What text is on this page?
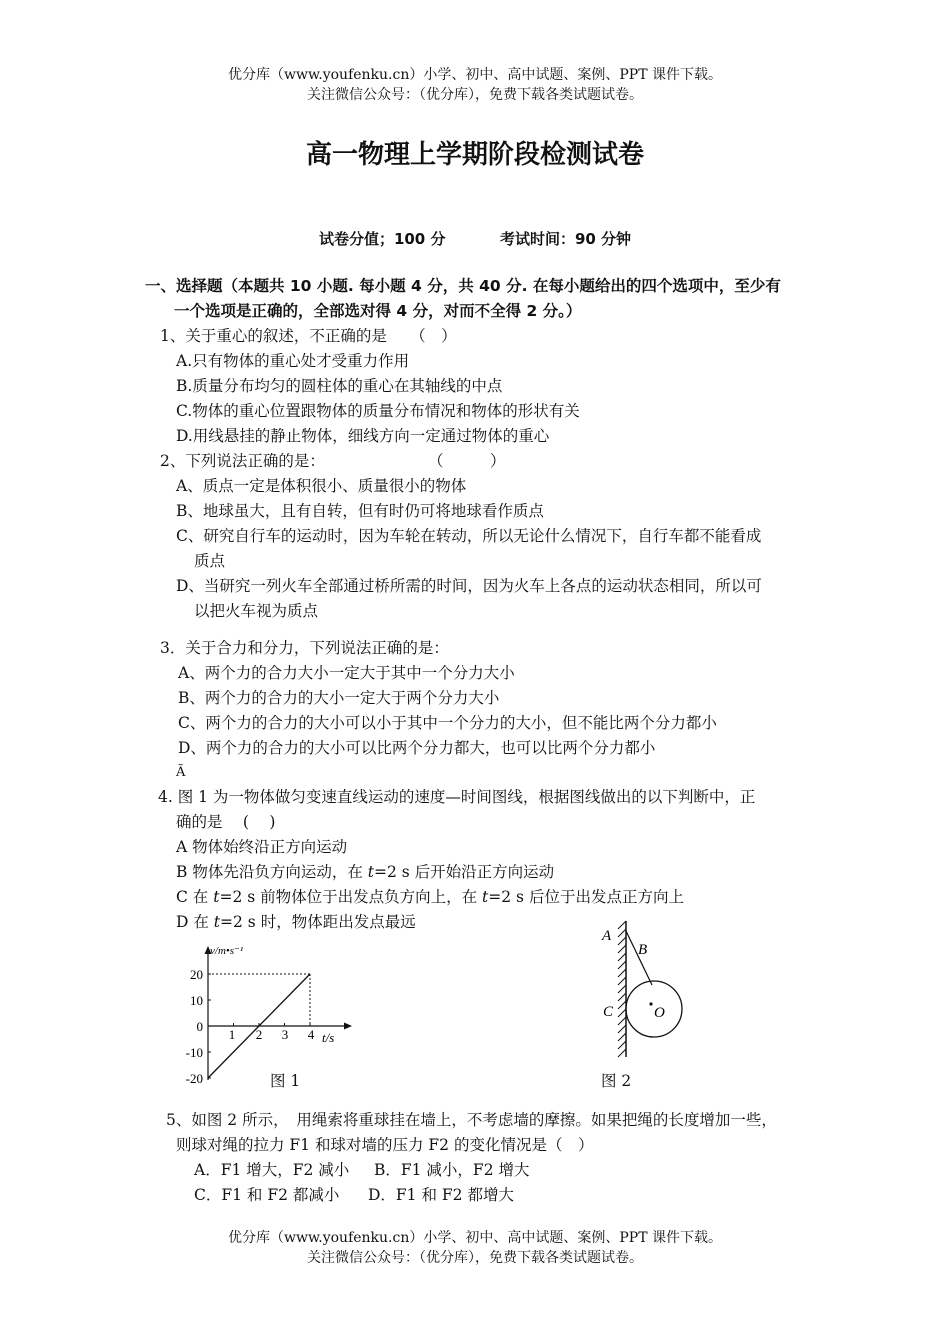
优分库（www.youfenku.cn）小学、初中、高中试题、案例、PPT 课件下载。
关注微信公众号：（优分库），免费下载各类试题试卷。
高一物理上学期阶段检测试卷
试卷分值；100 分	考试时间：90 分钟
一、选择题（本题共 10 小题. 每小题 4 分，共 40 分. 在每小题给出的四个选项中，至少有
一个选项是正确的，全部选对得 4 分，对而不全得 2 分。）
1、关于重心的叙述，不正确的是　　（　）
A.只有物体的重心处才受重力作用
B.质量分布均匀的圆柱体的重心在其轴线的中点
C.物体的重心位置跟物体的质量分布情况和物体的形状有关
D.用线悬挂的静止物体，细线方向一定通过物体的重心
2、下列说法正确的是：	（　　　）
A、质点一定是体积很小、质量很小的物体
B、地球虽大，且有自转，但有时仍可将地球看作质点
C、研究自行车的运动时，因为车轮在转动，所以无论什么情况下，自行车都不能看成
质点
D、当研究一列火车全部通过桥所需的时间，因为火车上各点的运动状态相同，所以可
以把火车视为质点
3．关于合力和分力，下列说法正确的是：
A、两个力的合力大小一定大于其中一个分力大小
B、两个力的合力的大小一定大于两个分力大小
C、两个力的合力的大小可以小于其中一个分力的大小，但不能比两个分力都小
D、两个力的合力的大小可以比两个分力都大，也可以比两个分力都小
Ã
4. 图 1 为一物体做匀变速直线运动的速度—时间图线，根据图线做出的以下判断中，正
确的是　 (　 )
A 物体始终沿正方向运动
B 物体先沿负方向运动，在 t=2 s 后开始沿正方向运动
C 在 t=2 s 前物体位于出发点负方向上，在 t=2 s 后位于出发点正方向上
D 在 t=2 s 时，物体距出发点最远
v/m•s⁻¹
t/s
20
10
0
-10
-20
1 2 3 4
图 1
A
B
C	O
图 2
5、如图 2 所示，　用绳索将重球挂在墙上，不考虑墙的摩擦。如果把绳的长度增加一些，
则球对绳的拉力 F1 和球对墙的压力 F2 的变化情况是（　）
A．F1 增大，F2 减小 B．F1 减小，F2 增大
C．F1 和 F2 都减小 D．F1 和 F2 都增大
优分库（www.youfenku.cn）小学、初中、高中试题、案例、PPT 课件下载。
关注微信公众号：（优分库），免费下载各类试题试卷。
